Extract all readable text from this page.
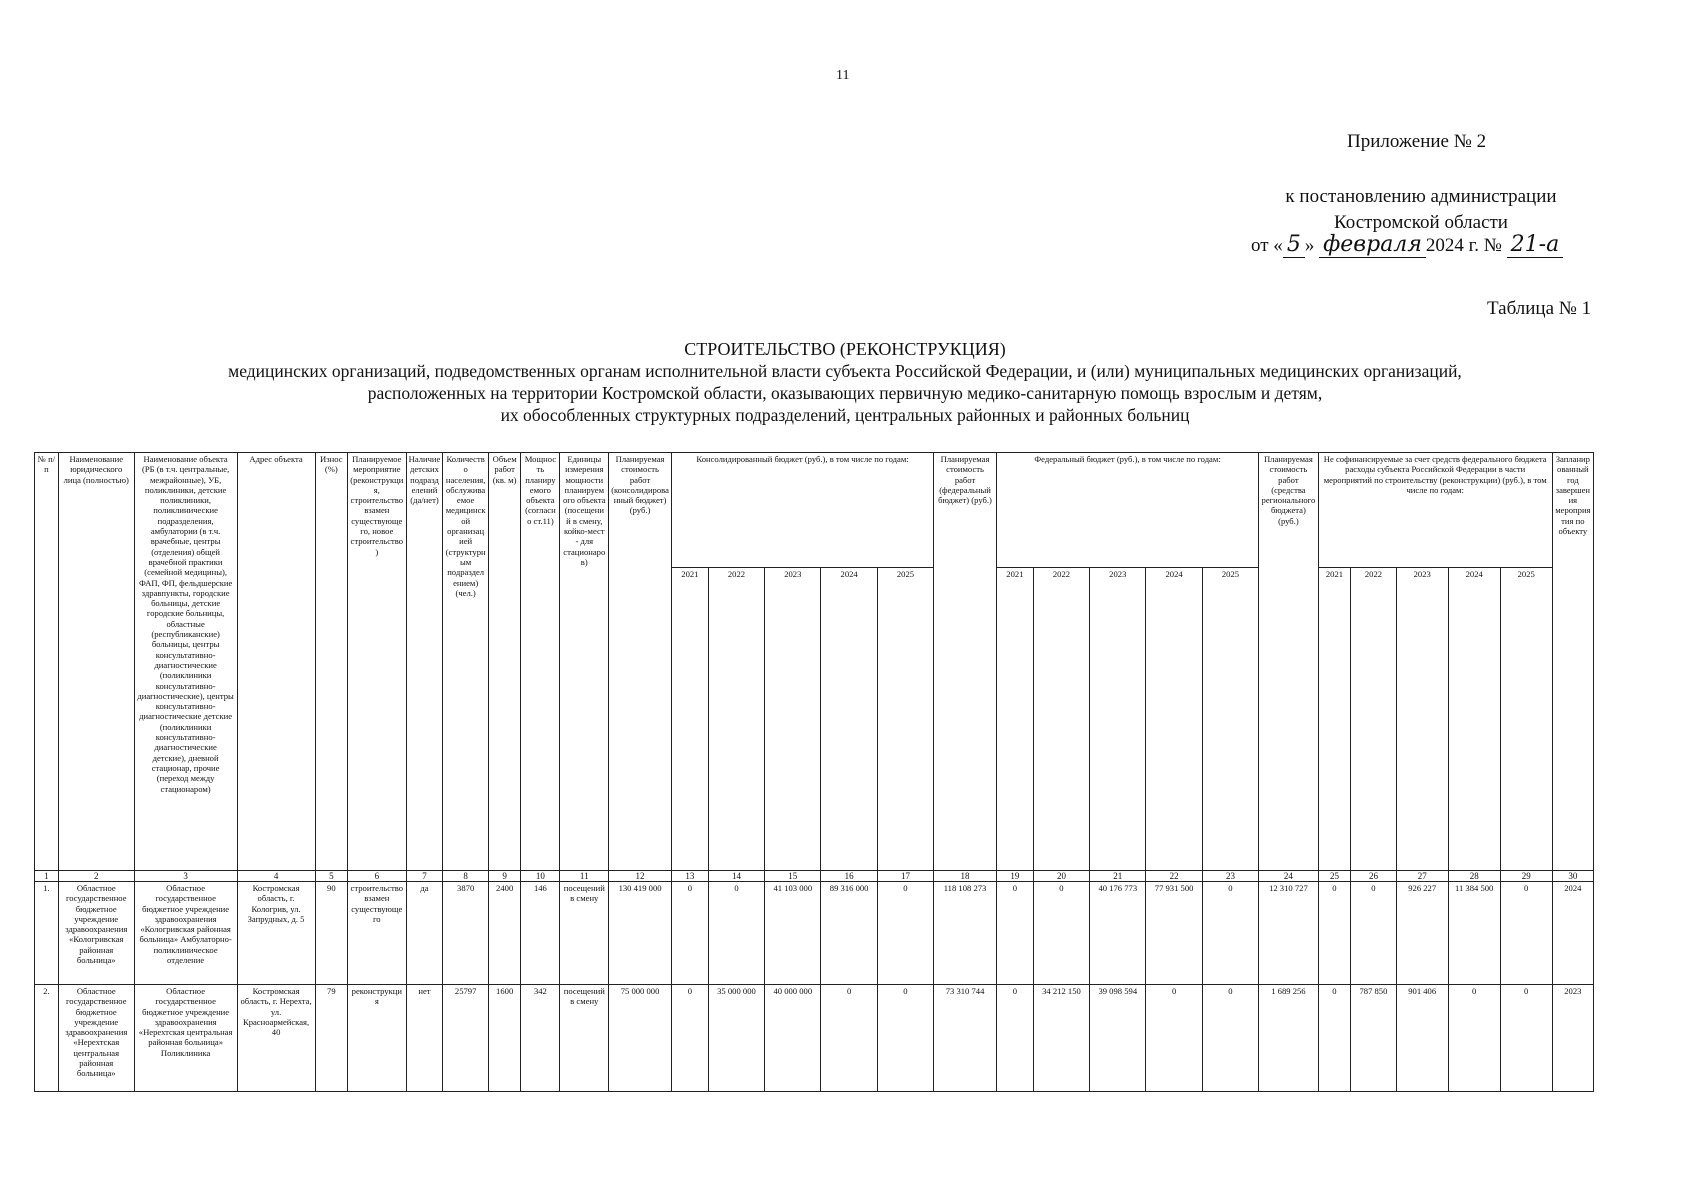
11
Приложение № 2
к постановлению администрации
Костромской области
от « 5 » февраля 2024 г. № 21-а
Таблица № 1
СТРОИТЕЛЬСТВО (РЕКОНСТРУКЦИЯ)
медицинских организаций, подведомственных органам исполнительной власти субъекта Российской Федерации, и (или) муниципальных медицинских организаций,
расположенных на территории Костромской области, оказывающих первичную медико-санитарную помощь взрослым и детям,
их обособленных структурных подразделений, центральных районных и районных больниц
№ п/п	Наименование юридического лица (полностью)	Наименование объекта (РБ (в т.ч. центральные, межрайонные), УБ, поликлиники, детские поликлиники, поликлинические подразделения, амбулатории (в т.ч. врачебные, центры (отделения) общей врачебной практики (семейной медицины), ФАП, ФП, фельдшерские здравпункты, городские больницы, детские городские больницы, областные (республиканские) больницы, центры консультативно-диагностические (поликлиники консультативно-диагностические), центры консультативно-диагностические детские (поликлиники консультативно-диагностические детские), дневной стационар, прочие (переход между стационаром)	Адрес объекта	Износ (%)	Планируемое мероприятие (реконструкция, строительство взамен существующего, новое строительство)	Наличие детских подразделений (да/нет)	Количество населения, обслуживаемое медицинской организацией (структурным подразделением) (чел.)	Объем работ (кв. м)	Мощность планируемого объекта (согласно ст.11)	Единицы измерения мощности планируемого объекта (посещений в смену, койко-мест - для стационаров)	Планируемая стоимость работ (консолидированный бюджет) (руб.)	Консолидированный бюджет (руб.), в том числе по годам:					Планируемая стоимость работ (федеральный бюджет) (руб.)	Федеральный бюджет (руб.), в том числе по годам:					Планируемая стоимость работ (средства регионального бюджета) (руб.)	Не софинансируемые за счет средств федерального бюджета расходы субъекта Российской Федерации в части мероприятий по строительству (реконструкции) (руб.), в том числе по годам:					Запланированный год завершения мероприятия по объекту
												2021	2022	2023	2024	2025		2021	2022	2023	2024	2025		2021	2022	2023	2024	2025	
1	2	3	4	5	6	7	8	9	10	11	12	13	14	15	16	17	18	19	20	21	22	23	24	25	26	27	28	29	30
1.	Областное государственное бюджетное учреждение здравоохранения «Кологривская районная больница»	Областное государственное бюджетное учреждение здравоохранения «Кологривская районная больница» Амбулаторно-поликлиническое отделение	Костромская область, г. Кологрив, ул. Запрудных, д. 5	90	строительство взамен существующего	да	3870	2400	146	посещений в смену	130 419 000	0	0	41 103 000	89 316 000	0	118 108 273	0	0	40 176 773	77 931 500	0	12 310 727	0	0	926 227	11 384 500	0	2024
2.	Областное государственное бюджетное учреждение здравоохранения «Нерехтская центральная районная больница»	Областное государственное бюджетное учреждение здравоохранения «Нерехтская центральная районная больница» Поликлиника	Костромская область, г. Нерехта, ул. Красноармейская, 40	79	реконструкция	нет	25797	1600	342	посещений в смену	75 000 000	0	35 000 000	40 000 000	0	0	73 310 744	0	34 212 150	39 098 594	0	0	1 689 256	0	787 850	901 406	0	0	2023
